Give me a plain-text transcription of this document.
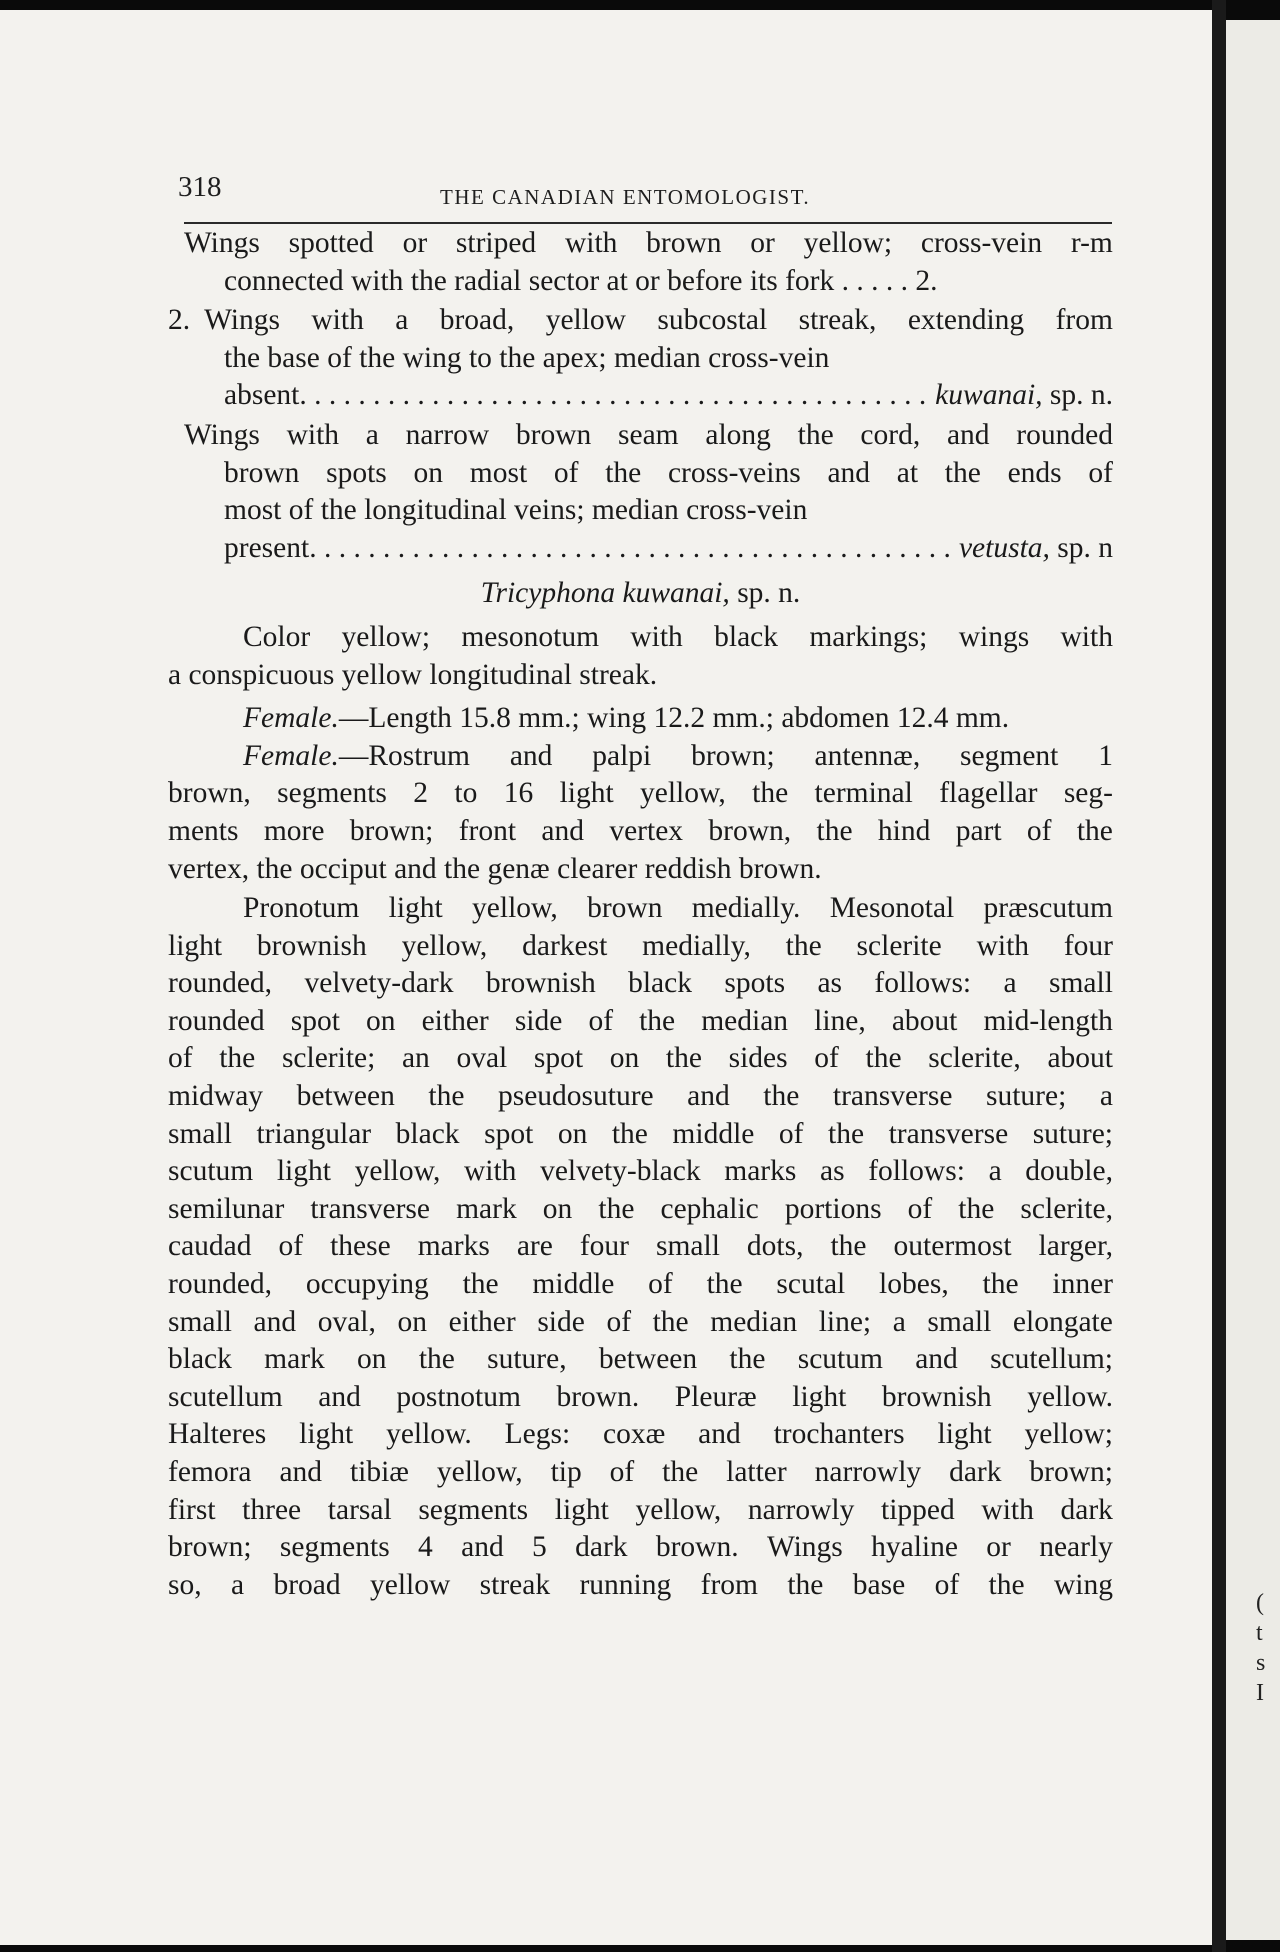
318	THE CANADIAN ENTOMOLOGIST.
Wings spotted or striped with brown or yellow; cross-vein r-m
connected with the radial sector at or before its fork . . . . . 2.
2. Wings with a broad, yellow subcostal streak, extending from
the base of the wing to the apex; median cross-vein
absent . . .	kuwanai,
sp. n.
Wings with a narrow brown seam along the cord, and rounded
brown spots on most of the cross-veins and at the ends of
most of the longitudinal veins; median cross-vein
present . . .	vetusta,
sp. n
Tricyphona kuwanai, sp. n.
Color yellow; mesonotum with black markings; wings with
a conspicuous yellow longitudinal streak.
Female.—Length 15.8 mm.; wing 12.2 mm.; abdomen 12.4 mm.
Female. —Rostrum and palpi brown; antennæ, segment 1
brown, segments 2 to 16 light yellow, the terminal flagellar seg-
ments more brown; front and vertex brown, the hind part of the
vertex, the occiput and the genæ clearer reddish brown.
Pronotum light yellow, brown medially. Mesonotal præscutum
light brownish yellow, darkest medially, the sclerite with four
rounded, velvety-dark brownish black spots as follows: a small
rounded spot on either side of the median line, about mid-length
of the sclerite; an oval spot on the sides of the sclerite, about
midway between the pseudosuture and the transverse suture; a
small triangular black spot on the middle of the transverse suture;
scutum light yellow, with velvety-black marks as follows: a double,
semilunar transverse mark on the cephalic portions of the sclerite,
caudad of these marks are four small dots, the outermost larger,
rounded, occupying the middle of the scutal lobes, the inner
small and oval, on either side of the median line; a small elongate
black mark on the suture, between the scutum and scutellum;
scutellum and postnotum brown. Pleuræ light brownish yellow.
Halteres light yellow. Legs: coxæ and trochanters light yellow;
femora and tibiæ yellow, tip of the latter narrowly dark brown;
first three tarsal segments light yellow, narrowly tipped with dark
brown; segments 4 and 5 dark brown. Wings hyaline or nearly
so, a broad yellow streak running from the base of the wing
(
t
s
I
